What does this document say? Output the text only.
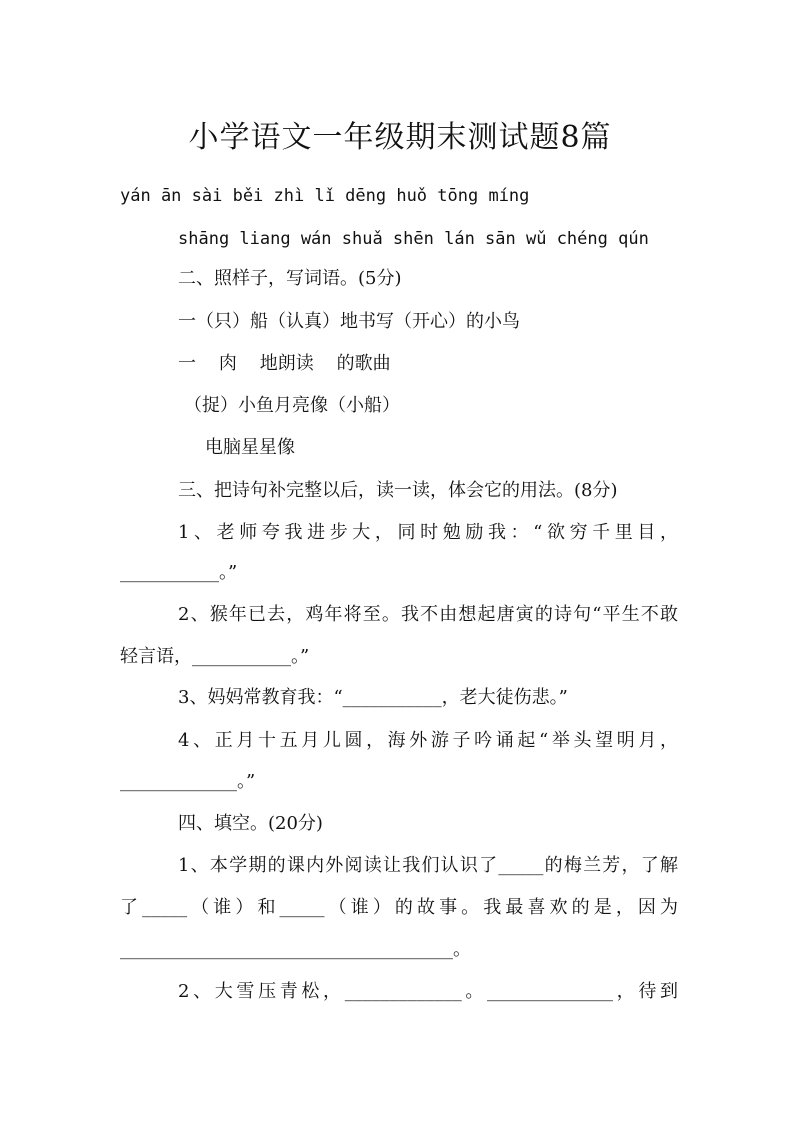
小学语文一年级期末测试题8篇
yán ān sài běi zhì lǐ dēng huǒ tōng míng
shāng liang wán shuǎ shēn lán sān wǔ chéng qún
二、照样子，写词语。(5分)
一（只）船（认真）地书写（开心）的小鸟
一    肉    地朗读    的歌曲
（捉）小鱼月亮像（小船）
电脑星星像
三、把诗句补完整以后，读一读，体会它的用法。(8分)
1、老师夸我进步大，同时勉励我：“欲穷千里目，
___________。”
2、猴年已去，鸡年将至。我不由想起唐寅的诗句“平生不敢
轻言语，___________。”
3、妈妈常教育我：“___________，老大徒伤悲。”
4、正月十五月儿圆，海外游子吟诵起“举头望明月，
_____________。”
四、填空。(20分)
1、本学期的课内外阅读让我们认识了_____的梅兰芳，了解
了_____（谁）和_____（谁）的故事。我最喜欢的是，因为
_____________________________________。
2、大雪压青松，_____________。______________，待到
